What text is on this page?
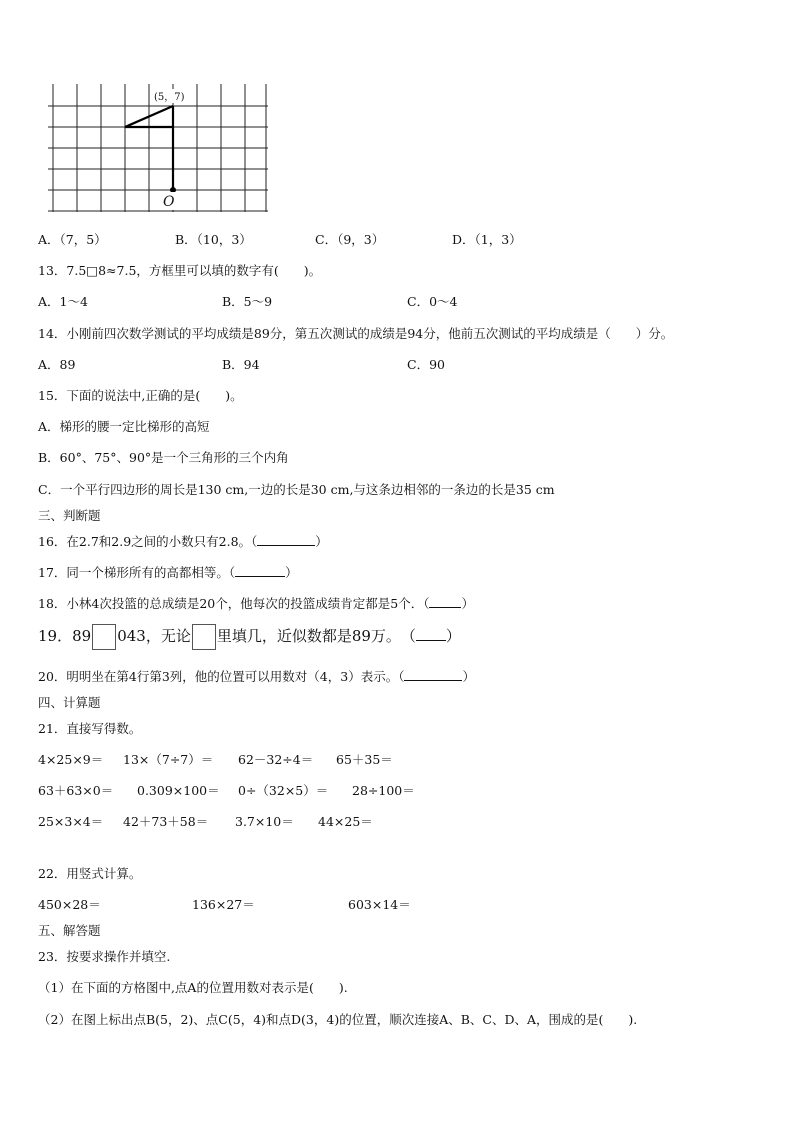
(5，7)
O
A．（7，5）	B．（10，3）	C．（9，3）	D．（1，3）
13．7.5□8≈7.5，方框里可以填的数字有(　　)。
A．1～4	B．5～9	C．0～4
14．小刚前四次数学测试的平均成绩是89分，第五次测试的成绩是94分，他前五次测试的平均成绩是（　　）分。
A．89	B．94	C．90
15．下面的说法中,正确的是(　　)。
A．梯形的腰一定比梯形的高短
B．60°、75°、90°是一个三角形的三个内角
C．一个平行四边形的周长是130 cm,一边的长是30 cm,与这条边相邻的一条边的长是35 cm
三、判断题
16．在2.7和2.9之间的小数只有2.8。（	）
17．同一个梯形所有的高都相等。（	）
18．小林4次投篮的总成绩是20个，他每次的投篮成绩肯定都是5个．（	）
19．89 043，无论 里填几，近似数都是89万。　（ ）
20．明明坐在第4行第3列，他的位置可以用数对（4，3）表示。（	）
四、计算题
21．直接写得数。
4×25×9＝ 13×（7÷7）＝ 62－32÷4＝ 65＋35＝
63＋63×0＝ 0.309×100＝ 0÷（32×5）＝ 28÷100＝
25×3×4＝ 42＋73＋58＝ 3.7×10＝ 44×25＝
22．用竖式计算。
450×28＝	136×27＝	603×14＝
五、解答题
23．按要求操作并填空.
（1）在下面的方格图中,点A的位置用数对表示是(　　).
（2）在图上标出点B(5，2)、点C(5，4)和点D(3，4)的位置，顺次连接A、B、C、D、A，围成的是(　　).
